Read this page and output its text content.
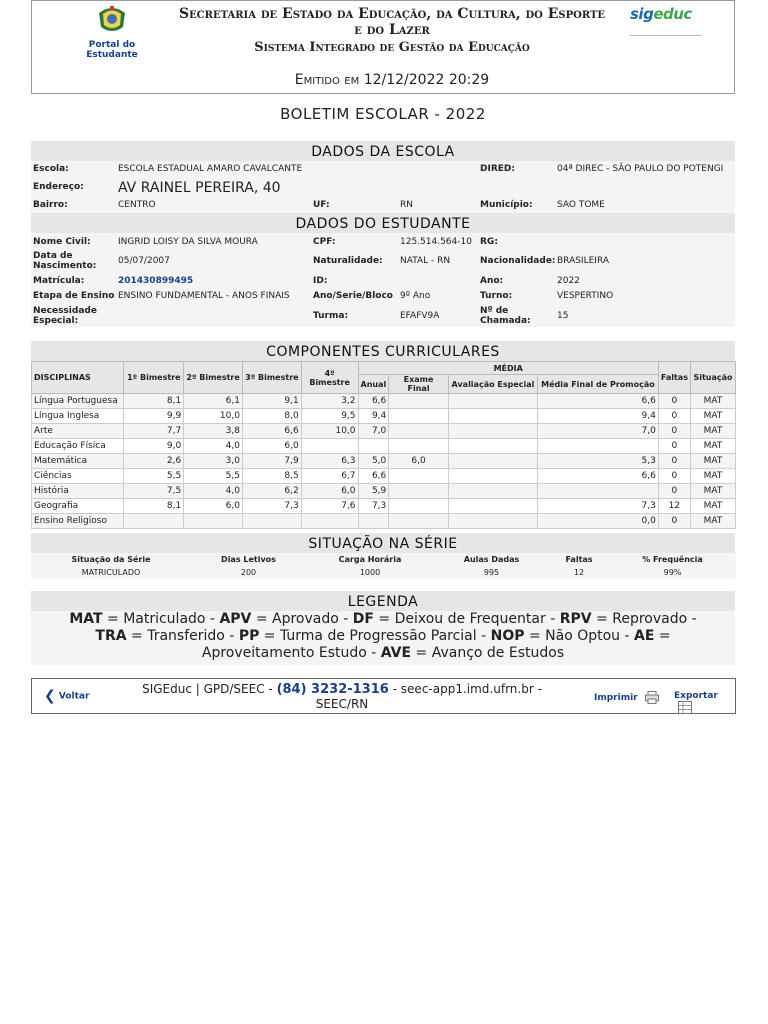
Portal do Estudante
Secretaria de Estado da Educação, da Cultura, do Esporte
e do Lazer
Sistema Integrado de Gestão da Educação
Emitido em 12/12/2022 20:29
sigeduc
BOLETIM ESCOLAR - 2022
DADOS DA ESCOLA
Escola:	ESCOLA ESTADUAL AMARO CAVALCANTE	DIRED:	04ª DIREC - SÃO PAULO DO POTENGI
Endereço: AV RAINEL PEREIRA, 40
Bairro:	CENTRO	UF:	RN	Município:	SAO TOME
DADOS DO ESTUDANTE
Nome Civil:	INGRID LOISY DA SILVA MOURA	CPF:	125.514.564-10 RG:
Data de
Nascimento: 05/07/2007	Naturalidade: NATAL - RN	Nacionalidade: BRASILEIRA
Matrícula:	201430899495	ID:	Ano:	2022
Etapa de Ensino ENSINO FUNDAMENTAL - ANOS FINAIS	Ano/Serie/Bloco 9º Ano	Turno:	VESPERTINO
Necessidade
Especial:	Turma:	EFAFV9A	Nº de
Chamada:	15
COMPONENTES CURRICULARES
DISCIPLINAS	1º Bimestre	2º Bimestre	3º Bimestre	4º Bimestre	MÉDIA				Faltas	Situação
					Anual	Exame Final	Avaliação Especial	Média Final de Promoção		
Língua Portuguesa	8,1	6,1	9,1	3,2	6,6			6,6	0	MAT
Língua Inglesa	9,9	10,0	8,0	9,5	9,4			9,4	0	MAT
Arte	7,7	3,8	6,6	10,0	7,0			7,0	0	MAT
Educação Física	9,0	4,0	6,0						0	MAT
Matemática	2,6	3,0	7,9	6,3	5,0	6,0		5,3	0	MAT
Ciências	5,5	5,5	8,5	6,7	6,6			6,6	0	MAT
História	7,5	4,0	6,2	6,0	5,9				0	MAT
Geografia	8,1	6,0	7,3	7,6	7,3			7,3	12	MAT
Ensino Religioso								0,0	0	MAT
SITUAÇÃO NA SÉRIE
Situação da Série	Dias Letivos	Carga Horária	Aulas Dadas	Faltas	% Frequência
MATRICULADO	200	1000	995	12	99%
LEGENDA
MAT = Matriculado - APV = Aprovado - DF = Deixou de Frequentar - RPV = Reprovado -
TRA = Transferido - PP = Turma de Progressão Parcial - NOP = Não Optou - AE =
Aproveitamento Estudo - AVE = Avanço de Estudos
❮ Voltar
SIGEduc | GPD/SEEC - (84) 3232-1316 - seec-app1.imd.ufrn.br -
SEEC/RN	Imprimir	Exportar
